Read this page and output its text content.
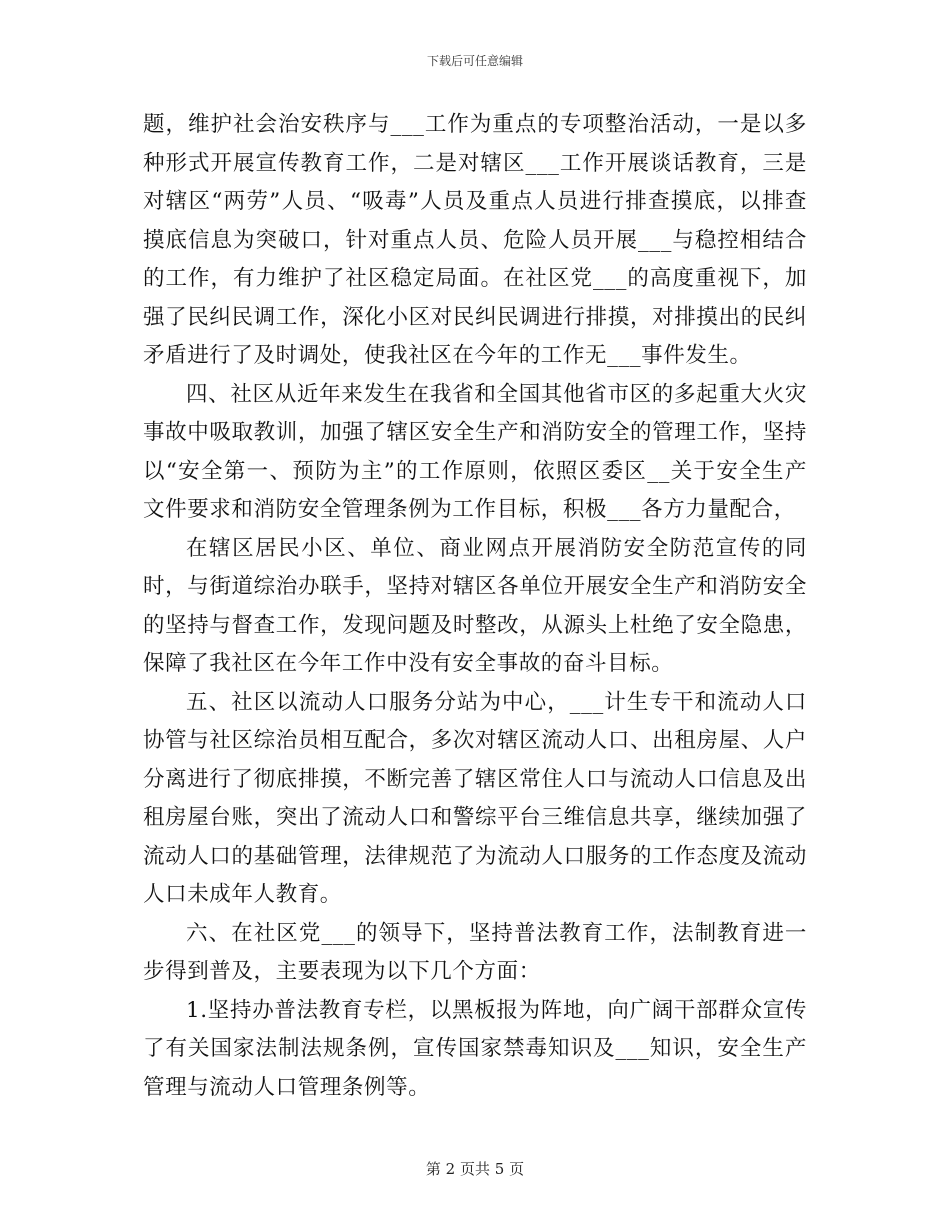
下载后可任意编辑

题，维护社会治安秩序与___工作为重点的专项整治活动，一是以多种形式开展宣传教育工作，二是对辖区___工作开展谈话教育，三是对辖区“两劳”人员、“吸毒”人员及重点人员进行排查摸底，以排查摸底信息为突破口，针对重点人员、危险人员开展___与稳控相结合的工作，有力维护了社区稳定局面。在社区党___的高度重视下，加强了民纠民调工作，深化小区对民纠民调进行排摸，对排摸出的民纠矛盾进行了及时调处，使我社区在今年的工作无___事件发生。

四、社区从近年来发生在我省和全国其他省市区的多起重大火灾事故中吸取教训，加强了辖区安全生产和消防安全的管理工作，坚持以“安全第一、预防为主”的工作原则，依照区委区__关于安全生产文件要求和消防安全管理条例为工作目标，积极___各方力量配合，

在辖区居民小区、单位、商业网点开展消防安全防范宣传的同时，与街道综治办联手，坚持对辖区各单位开展安全生产和消防安全的坚持与督查工作，发现问题及时整改，从源头上杜绝了安全隐患，保障了我社区在今年工作中没有安全事故的奋斗目标。

五、社区以流动人口服务分站为中心，___计生专干和流动人口协管与社区综治员相互配合，多次对辖区流动人口、出租房屋、人户分离进行了彻底排摸，不断完善了辖区常住人口与流动人口信息及出租房屋台账，突出了流动人口和警综平台三维信息共享，继续加强了流动人口的基础管理，法律规范了为流动人口服务的工作态度及流动人口未成年人教育。

六、在社区党___的领导下，坚持普法教育工作，法制教育进一步得到普及，主要表现为以下几个方面：

1.坚持办普法教育专栏，以黑板报为阵地，向广阔干部群众宣传了有关国家法制法规条例，宣传国家禁毒知识及___知识，安全生产管理与流动人口管理条例等。

第 2 页共 5 页
